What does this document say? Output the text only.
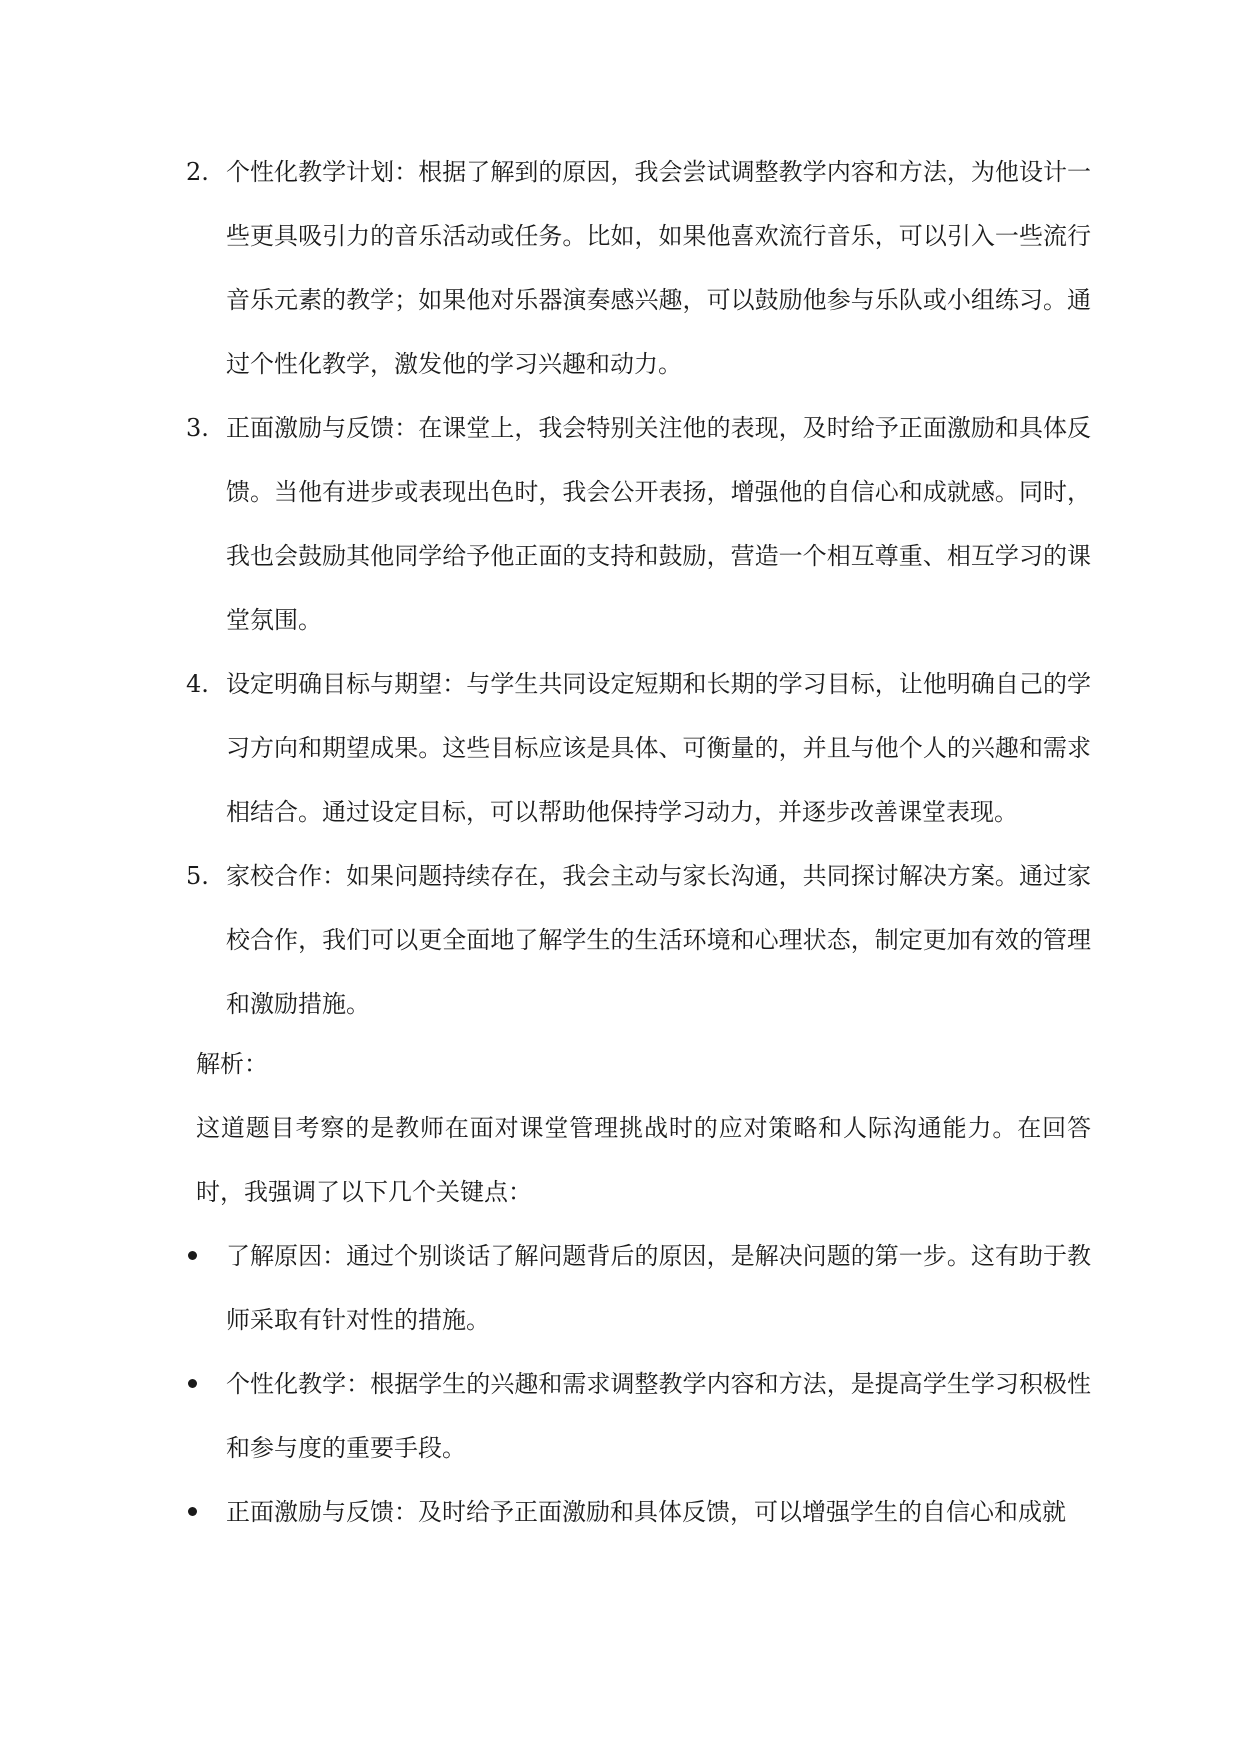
2. 个性化教学计划：根据了解到的原因，我会尝试调整教学内容和方法，为他设计一些更具吸引力的音乐活动或任务。比如，如果他喜欢流行音乐，可以引入一些流行音乐元素的教学；如果他对乐器演奏感兴趣，可以鼓励他参与乐队或小组练习。通过个性化教学，激发他的学习兴趣和动力。
3. 正面激励与反馈：在课堂上，我会特别关注他的表现，及时给予正面激励和具体反馈。当他有进步或表现出色时，我会公开表扬，增强他的自信心和成就感。同时，我也会鼓励其他同学给予他正面的支持和鼓励，营造一个相互尊重、相互学习的课堂氛围。
4. 设定明确目标与期望：与学生共同设定短期和长期的学习目标，让他明确自己的学习方向和期望成果。这些目标应该是具体、可衡量的，并且与他个人的兴趣和需求相结合。通过设定目标，可以帮助他保持学习动力，并逐步改善课堂表现。
5. 家校合作：如果问题持续存在，我会主动与家长沟通，共同探讨解决方案。通过家校合作，我们可以更全面地了解学生的生活环境和心理状态，制定更加有效的管理和激励措施。

解析：

这道题目考察的是教师在面对课堂管理挑战时的应对策略和人际沟通能力。在回答时，我强调了以下几个关键点：

了解原因：通过个别谈话了解问题背后的原因，是解决问题的第一步。这有助于教师采取有针对性的措施。
个性化教学：根据学生的兴趣和需求调整教学内容和方法，是提高学生学习积极性和参与度的重要手段。
正面激励与反馈：及时给予正面激励和具体反馈，可以增强学生的自信心和成就
